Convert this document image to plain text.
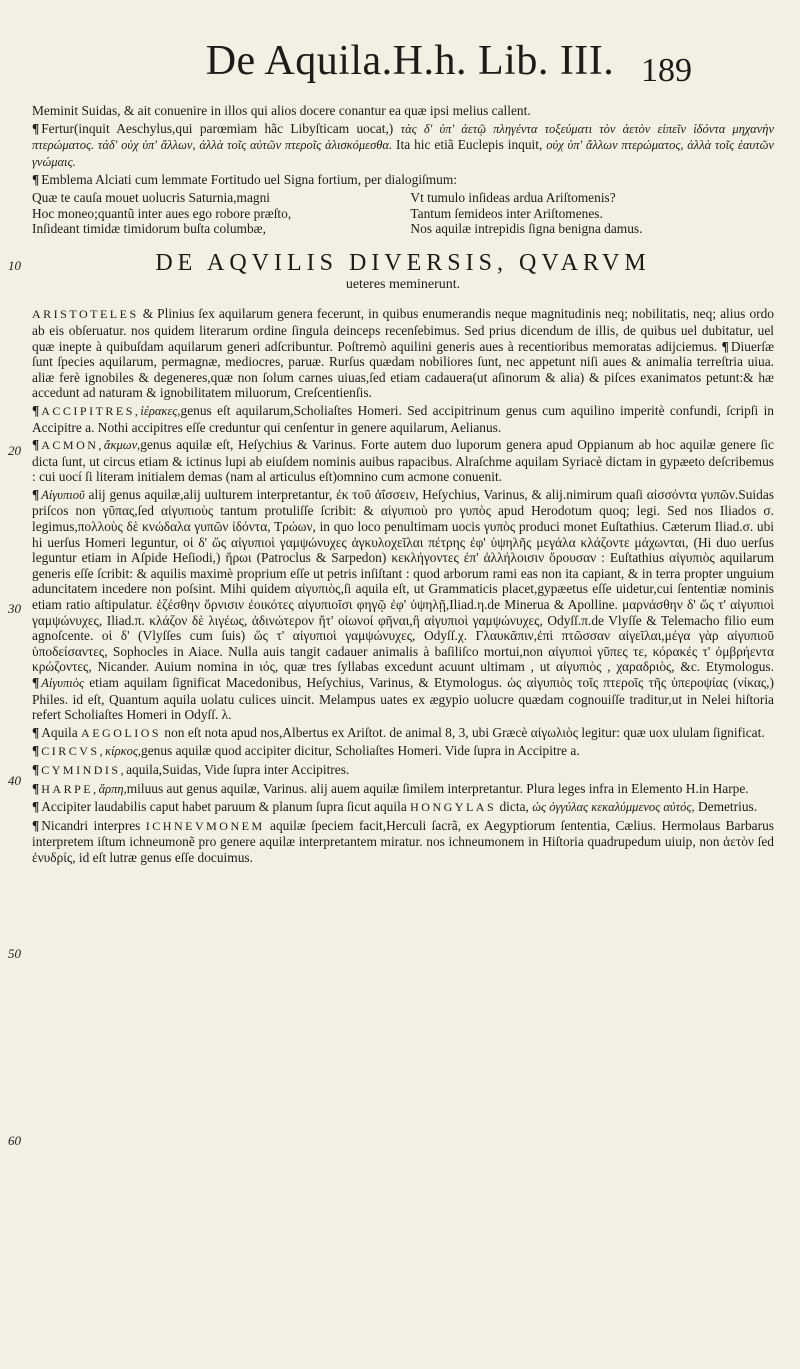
De Aquila.H.h. Lib. III. 189
10
20
30
40
50
60

Meminit Suidas, & ait conuenire in illos qui alios docere conantur ea quæ ipsi melius callent.

¶ Fertur(inquit Aeschylus,qui parœmiam hãc Libyſticam uocat,) τὰς δ' ὑπ' ἀετῷ πληγέντα τοξεύματι τὸν ἀετὸν εἰπεῖν ἰδόντα μηχανὴν πτερώματος. τάδ' οὐχ ὑπ' ἄλλων, ἀλλὰ τοῖς αὐτῶν πτεροῖς ἁλισκόμεσθα. Ita hic etiã Euclepis inquit, οὐχ ὑπ' ἄλλων πτερώματος, ἀλλὰ τοῖς ἑαυτῶν γνώμαις.

¶ Emblema Alciati cum lemmate Fortitudo uel Signa fortium, per dialogiſmum:

Quæ te cauſa mouet uolucris Saturnia,magni	Vt tumulo inſideas ardua Ariſtomenis?
Hoc moneo;quantũ inter aues ego robore præſto,	Tantum ſemideos inter Ariſtomenes.
Inſideant timidæ timidorum buſta columbæ,	Nos aquilæ intrepidis ſigna benigna damus.
DE AQVILIS DIVERSIS, QVARVM
ueteres meminerunt.

ARISTOTELES & Plinius ſex aquilarum genera fecerunt, in quibus enumerandis neque magnitudinis neq; nobilitatis, neq; alius ordo ab eis obſeruatur. nos quidem literarum ordine ſingula deinceps recenſebimus. Sed prius dicendum de illis, de quibus uel dubitatur, uel quæ inepte à quibuſdam aquilarum generi adſcribuntur. Poſtremò aquilini generis aues à recentioribus memoratas adijciemus. ¶ Diuerſæ ſunt ſpecies aquilarum, permagnæ, mediocres, paruæ. Rurſus quædam nobiliores ſunt, nec appetunt niſi aues & animalia terreſtria uiua. aliæ ferè ignobiles & degeneres,quæ non ſolum carnes uiuas,ſed etiam cadauera(ut aſinorum & alia) & piſces exanimatos petunt:& hæ accedunt ad naturam & ignobilitatem miluorum, Creſcentienſis.

¶ ACCIPITRES,ἱέρακες,genus eſt aquilarum,Scholiaſtes Homeri. Sed accipitrinum genus cum aquilino imperitè confundi, ſcripſi in Accipitre a. Nothi accipitres eſſe creduntur qui cenſentur in genere aquilarum, Aelianus.

¶ ACMON,ἄκμων,genus aquilæ eſt, Heſychius & Varinus. Forte autem duo luporum genera apud Oppianum ab hoc aquilæ genere ſic dicta ſunt, ut circus etiam & ictinus lupi ab eiuſdem nominis auibus rapacibus. Alraſchme aquilam Syriacè dictam in gypæeto deſcribemus : cui uocí ſi literam initialem demas (nam al articulus eſt)omnino cum acmone conuenit.

¶ Αἰγυπιοῦ alij genus aquilæ,alij uulturem interpretantur, ἐκ τοῦ ἀΐσσειν, Heſychius, Varinus, & alij.nimirum quaſi αἰσσόντα γυπῶν.Suidas priſcos non γῦπας,ſed αἰγυπιοὺς tantum protuliſſe ſcribit: & αἰγυπιοὺ pro γυπὸς apud Herodotum quoq; legi. Sed nos Iliados σ. legimus,πολλοὺς δὲ κνώδαλα γυπῶν ἰδόντα, Τρώων, in quo loco penultimam uocis γυπὸς produci monet Euſtathius. Cæterum Iliad.σ. ubi hi uerſus Homeri leguntur, οἱ δ' ὥς αἰγυπιοὶ γαμψώνυχες ἀγκυλοχεῖλαι πέτρης ἐφ' ὑψηλῆς μεγάλα κλάζοντε μάχωνται, (Hi duo uerſus leguntur etiam in Aſpide Heſiodi,) ἥρωι (Patroclus & Sarpedon) κεκλήγοντες ἐπ' ἀλλήλοισιν ὄρουσαν : Euſtathius αἰγυπιὸς aquilarum generis eſſe ſcribit: & aquilis maximè proprium eſſe ut petris inſiſtant : quod arborum rami eas non ita capiant, & in terra propter unguium aduncitatem incedere non poſsint. Mihi quidem αἰγυπιὸς,ſi aquila eſt, ut Grammaticis placet,gypæetus eſſe uidetur,cui ſententiæ nominis etiam ratio aſtipulatur. ἑζέσθην ὄρνισιν ἐοικότες αἰγυπιοῖσι φηγῷ ἐφ' ὑψηλῇ,Iliad.η.de Minerua & Apolline. μαρνάσθην δ' ὥς τ' αἰγυπιοὶ γαμψώνυχες, Iliad.π. κλάζον δὲ λιγέως, ἀδινώτερον ἤτ' οἰωνοί φῆναι,ἢ αἰγυπιοὶ γαμψώνυχες, Odyſſ.π.de Vlyſſe & Telemacho filio eum agnoſcente. οἱ δ' (Vlyſſes cum ſuis) ὥς τ' αἰγυπιοὶ γαμψώνυχες, Odyſſ.χ. Γλαυκᾶπιν,ἐπὶ πτῶσσαν αἰγεῖλαι,μέγα γὰρ αἰγυπιοῦ ὑποδείσαντες, Sophocles in Aiace. Nulla auis tangit cadauer animalis à baſiliſco mortui,non αἰγυπιοὶ γῦπες τε, κόρακές τ' ὀμβρήεντα κρώζοντες, Nicander. Auium nomina in ιός, quæ tres ſyllabas excedunt acuunt ultimam , ut αἰγυπιὸς , χαραδριὸς, &c. Etymologus. ¶ Αἰγυπιὸς etiam aquilam ſignificat Macedonibus, Heſychius, Varinus, & Etymologus. ὡς αἰγυπιὸς τοῖς πτεροῖς τῆς ὑπεροψίας (νίκας,) Philes. id eſt, Quantum aquila uolatu culices uincit. Melampus uates ex ægypio uolucre quædam cognouiſſe traditur,ut in Nelei hiſtoria refert Scholiaſtes Homeri in Odyſſ. λ.

¶ Aquila AEGOLIOS non eſt nota apud nos,Albertus ex Ariſtot. de animal 8, 3, ubi Græcè αἰγωλιὸς legitur: quæ uox ululam ſignificat.

¶ CIRCVS,κίρκος,genus aquilæ quod accipiter dicitur, Scholiaſtes Homeri. Vide ſupra in Accipitre a.

¶ CYMINDIS,aquila,Suidas, Vide ſupra inter Accipitres.

¶ HARPE,ἅρπη,miluus aut genus aquilæ, Varinus. alij auem aquilæ ſimilem interpretantur. Plura leges infra in Elemento H.in Harpe.

¶ Accipiter laudabilis caput habet paruum & planum ſupra ſicut aquila HONGYLAS dicta, ὡς ὀγγύλας κεκαλύμμενος αὐτός, Demetrius.

¶ Nicandri interpres ICHNEVMONEM aquilæ ſpeciem facit,Herculi ſacrã, ex Aegyptiorum ſententia, Cælius. Hermolaus Barbarus interpretem iſtum ichneumonẽ pro genere aquilæ interpretantem miratur. nos ichneumonem in Hiſtoria quadrupedum uiuip, non ἀετὸν ſed ἐνυδρίς, id eſt lutræ genus eſſe docuimus.
